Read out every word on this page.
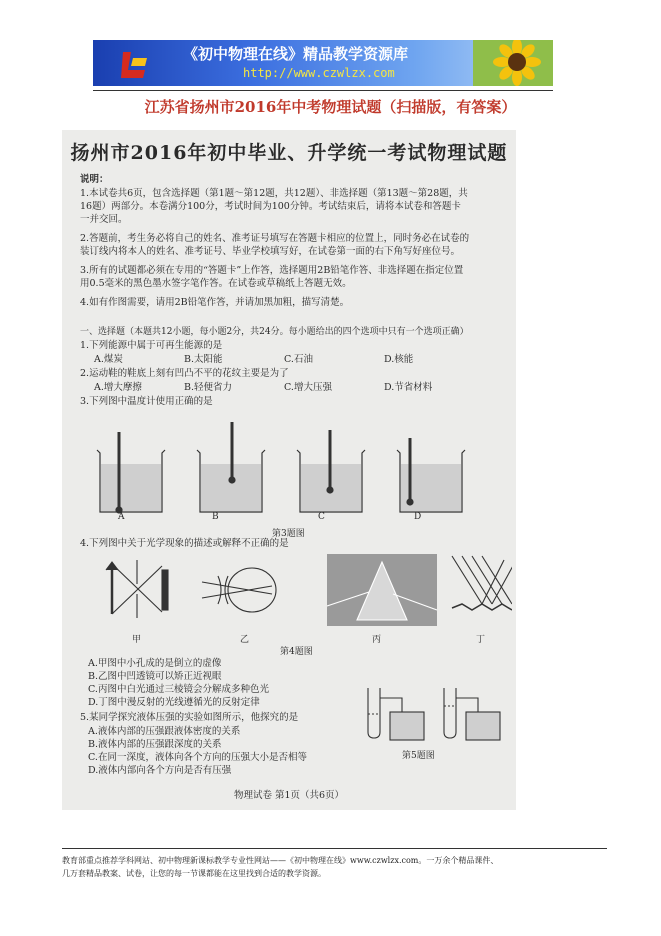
《初中物理在线》精品教学资源库
http://www.czwlzx.com
江苏省扬州市2016年中考物理试题（扫描版，有答案）
扬州市2016年初中毕业、升学统一考试物理试题
说明：
1.本试卷共6页，包含选择题（第1题～第12题，共12题）、非选择题（第13题～第28题，共
16题）两部分。本卷满分100分，考试时间为100分钟。考试结束后，请将本试卷和答题卡
一并交回。
2.答题前，考生务必将自己的姓名、准考证号填写在答题卡相应的位置上，同时务必在试卷的
装订线内将本人的姓名、准考证号、毕业学校填写好，在试卷第一面的右下角写好座位号。
3.所有的试题都必须在专用的“答题卡”上作答，选择题用2B铅笔作答、非选择题在指定位置
用0.5毫米的黑色墨水签字笔作答。在试卷或草稿纸上答题无效。
4.如有作图需要，请用2B铅笔作答，并请加黑加粗，描写清楚。
一、选择题（本题共12小题，每小题2分，共24分。每小题给出的四个选项中只有一个选项正确）
1.下列能源中属于可再生能源的是
A.煤炭	B.太阳能	C.石油	D.核能
2.运动鞋的鞋底上刻有凹凸不平的花纹主要是为了
A.增大摩擦	B.轻便省力	C.增大压强	D.节省材料
3.下列图中温度计使用正确的是
A	B	C	D
第3题图
4.下列图中关于光学现象的描述或解释不正确的是
甲	乙	丙	丁
第4题图
A.甲图中小孔成的是倒立的虚像
B.乙图中凹透镜可以矫正近视眼
C.丙图中白光通过三棱镜会分解成多种色光
D.丁图中漫反射的光线遵循光的反射定律
5.某同学探究液体压强的实验如图所示，他探究的是
A.液体内部的压强跟液体密度的关系
B.液体内部的压强跟深度的关系
C.在同一深度，液体向各个方向的压强大小是否相等
D.液体内部向各个方向是否有压强
第5题图
物理试卷 第1页（共6页）
教育部重点推荐学科网站、初中物理新课标教学专业性网站——《初中物理在线》www.czwlzx.com。一万余个精品课件、
几万套精品教案、试卷，让您的每一节课都能在这里找到合适的教学资源。
